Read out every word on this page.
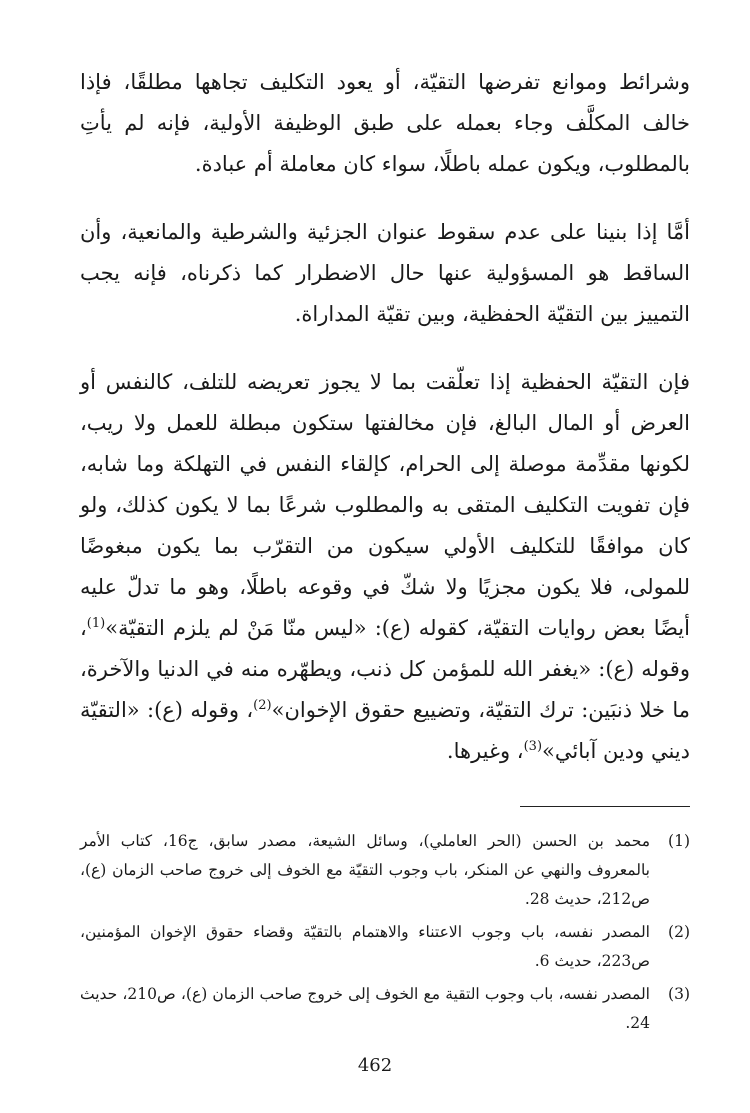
وشرائط وموانع تفرضها التقيّة، أو يعود التكليف تجاهها مطلقًا، فإذا خالف المكلَّف وجاء بعمله على طبق الوظيفة الأولية، فإنه لم يأتِ بالمطلوب، ويكون عمله باطلًا، سواء كان معاملة أم عبادة.

أمَّا إذا بنينا على عدم سقوط عنوان الجزئية والشرطية والمانعية، وأن الساقط هو المسؤولية عنها حال الاضطرار كما ذكرناه، فإنه يجب التمييز بين التقيّة الحفظية، وبين تقيّة المداراة.

فإن التقيّة الحفظية إذا تعلّقت بما لا يجوز تعريضه للتلف، كالنفس أو العرض أو المال البالغ، فإن مخالفتها ستكون مبطلة للعمل ولا ريب، لكونها مقدِّمة موصلة إلى الحرام، كإلقاء النفس في التهلكة وما شابه، فإن تفويت التكليف المتقى به والمطلوب شرعًا بما لا يكون كذلك، ولو كان موافقًا للتكليف الأولي سيكون من التقرّب بما يكون مبغوضًا للمولى، فلا يكون مجزيًا ولا شكّ في وقوعه باطلًا، وهو ما تدلّ عليه أيضًا بعض روايات التقيّة، كقوله (ع): «ليس منّا مَنْ لم يلزم التقيّة»$^{(1)}$، وقوله (ع): «يغفر الله للمؤمن كل ذنب، ويطهّره منه في الدنيا والآخرة، ما خلا ذنبَين: ترك التقيّة، وتضييع حقوق الإخوان»$^{(2)}$، وقوله (ع): «التقيّة ديني ودين آبائي»$^{(3)}$، وغيرها.

(1)
محمد بن الحسن (الحر العاملي)، وسائل الشيعة، مصدر سابق، ج16، كتاب الأمر بالمعروف والنهي عن المنكر، باب وجوب التقيّة مع الخوف إلى خروج صاحب الزمان (ع)، ص212، حديث 28.
(2)
المصدر نفسه، باب وجوب الاعتناء والاهتمام بالتقيّة وقضاء حقوق الإخوان المؤمنين، ص223، حديث 6.
(3)
المصدر نفسه، باب وجوب التقية مع الخوف إلى خروج صاحب الزمان (ع)، ص210، حديث 24.
462
